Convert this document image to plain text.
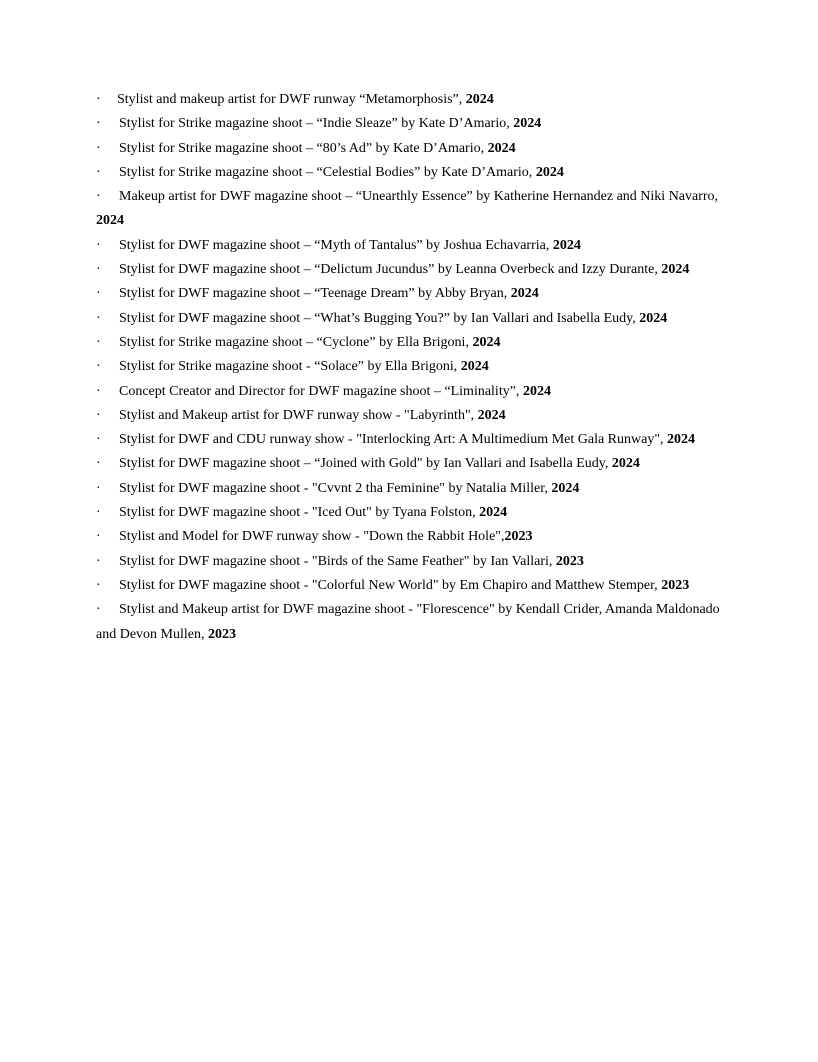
· Stylist and makeup artist for DWF runway “Metamorphosis”, 2024
· Stylist for Strike magazine shoot – “Indie Sleaze” by Kate D’Amario, 2024
· Stylist for Strike magazine shoot – “80’s Ad” by Kate D’Amario, 2024
· Stylist for Strike magazine shoot – “Celestial Bodies” by Kate D’Amario, 2024
· Makeup artist for DWF magazine shoot – “Unearthly Essence” by Katherine Hernandez and Niki Navarro, 2024
· Stylist for DWF magazine shoot – “Myth of Tantalus” by Joshua Echavarria, 2024
· Stylist for DWF magazine shoot – “Delictum Jucundus” by Leanna Overbeck and Izzy Durante, 2024
· Stylist for DWF magazine shoot – “Teenage Dream” by Abby Bryan, 2024
· Stylist for DWF magazine shoot – “What’s Bugging You?” by Ian Vallari and Isabella Eudy, 2024
· Stylist for Strike magazine shoot – “Cyclone” by Ella Brigoni, 2024
· Stylist for Strike magazine shoot - “Solace” by Ella Brigoni, 2024
· Concept Creator and Director for DWF magazine shoot – “Liminality”, 2024
· Stylist and Makeup artist for DWF runway show - "Labyrinth", 2024
· Stylist for DWF and CDU runway show - "Interlocking Art: A Multimedium Met Gala Runway", 2024
· Stylist for DWF magazine shoot – “Joined with Gold" by Ian Vallari and Isabella Eudy, 2024
· Stylist for DWF magazine shoot - "Cvvnt 2 tha Feminine" by Natalia Miller, 2024
· Stylist for DWF magazine shoot - "Iced Out" by Tyana Folston, 2024
· Stylist and Model for DWF runway show - "Down the Rabbit Hole",2023
· Stylist for DWF magazine shoot - "Birds of the Same Feather" by Ian Vallari, 2023
· Stylist for DWF magazine shoot - "Colorful New World" by Em Chapiro and Matthew Stemper, 2023
· Stylist and Makeup artist for DWF magazine shoot - "Florescence" by Kendall Crider, Amanda Maldonado and Devon Mullen, 2023
